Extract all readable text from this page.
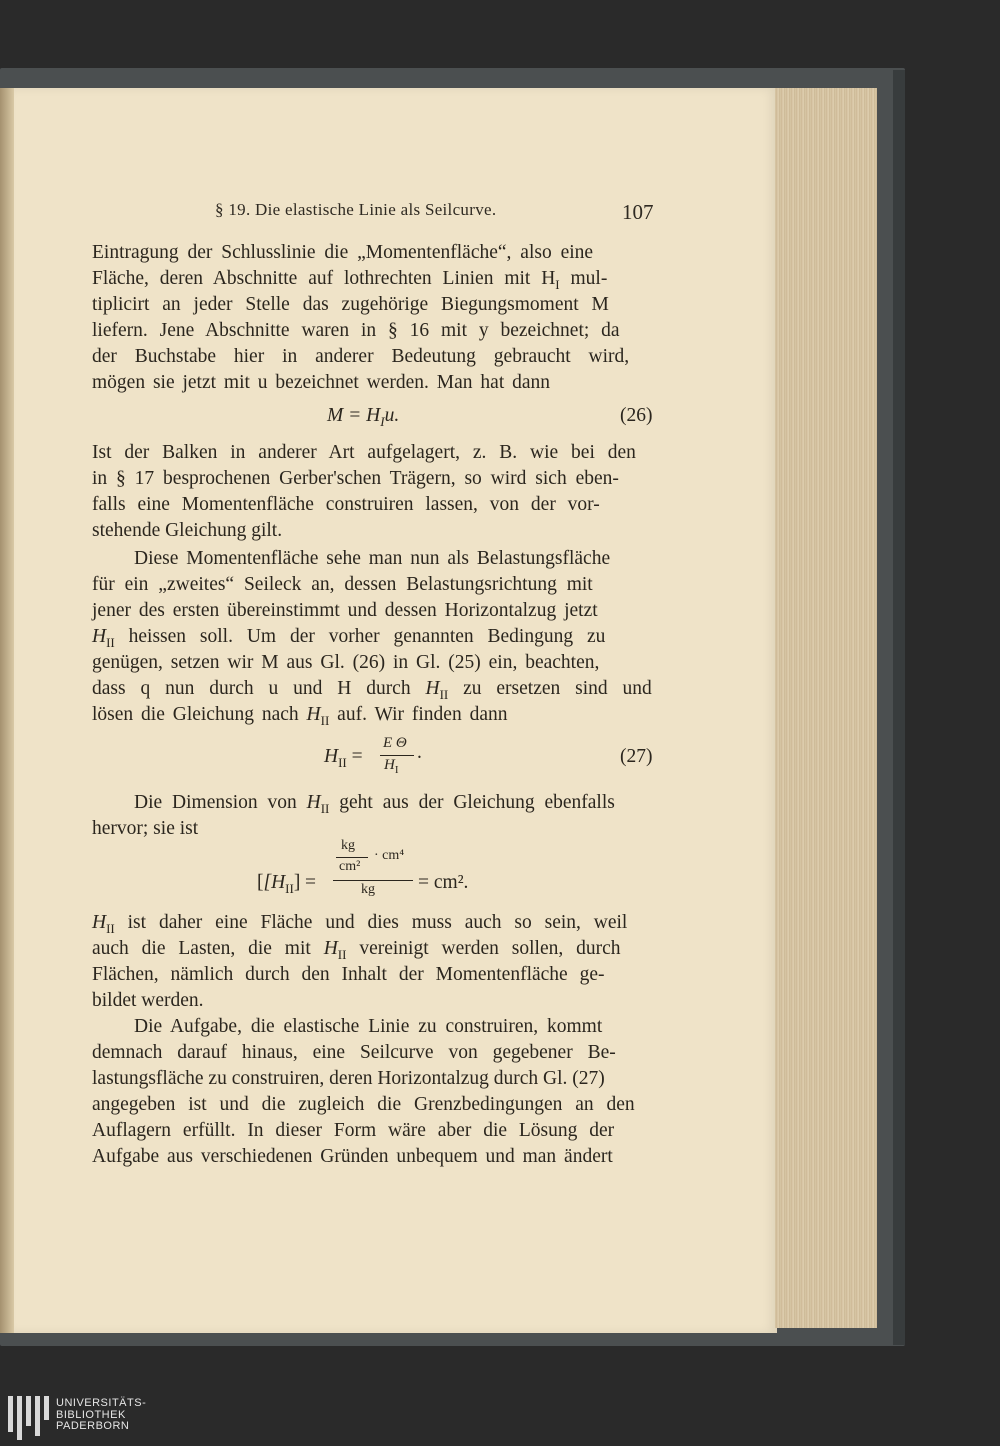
§ 19. Die elastische Linie als Seilcurve.	107
Eintragung der Schlusslinie die „Momentenfläche“, also eine
Fläche, deren Abschnitte auf lothrechten Linien mit $H_I$ mul-
tiplicirt an jeder Stelle das zugehörige Biegungsmoment M
liefern. Jene Abschnitte waren in § 16 mit y bezeichnet; da
der Buchstabe hier in anderer Bedeutung gebraucht wird,
mögen sie jetzt mit u bezeichnet werden. Man hat dann
$M = H_Iu$.	(26)
Ist der Balken in anderer Art aufgelagert, z. B. wie bei den
in § 17 besprochenen Gerber'schen Trägern, so wird sich eben-
falls eine Momentenfläche construiren lassen, von der vor-
stehende Gleichung gilt.
Diese Momentenfläche sehe man nun als Belastungsfläche
für ein „zweites“ Seileck an, dessen Belastungsrichtung mit
jener des ersten übereinstimmt und dessen Horizontalzug jetzt
$H_{II}$ heissen soll. Um der vorher genannten Bedingung zu
genügen, setzen wir M aus Gl. (26) in Gl. (25) ein, beachten,
dass q nun durch u und H durch $H_{II}$ zu ersetzen sind und
lösen die Gleichung nach $H_{II}$ auf. Wir finden dann
$H_{II}$ =
E Θ
$H_I$
.	(27)
Die Dimension von $H_{II}$ geht aus der Gleichung ebenfalls
hervor; sie ist
[$[H_{II}]$ =
kg
cm²
· cm⁴
kg = cm².
$H_{II}$ ist daher eine Fläche und dies muss auch so sein, weil
auch die Lasten, die mit $H_{II}$ vereinigt werden sollen, durch
Flächen, nämlich durch den Inhalt der Momentenfläche ge-
bildet werden.
Die Aufgabe, die elastische Linie zu construiren, kommt
demnach darauf hinaus, eine Seilcurve von gegebener Be-
lastungsfläche zu construiren, deren Horizontalzug durch Gl. (27)
angegeben ist und die zugleich die Grenzbedingungen an den
Auflagern erfüllt. In dieser Form wäre aber die Lösung der
Aufgabe aus verschiedenen Gründen unbequem und man ändert
UNIVERSITÄTS-
BIBLIOTHEK
PADERBORN
